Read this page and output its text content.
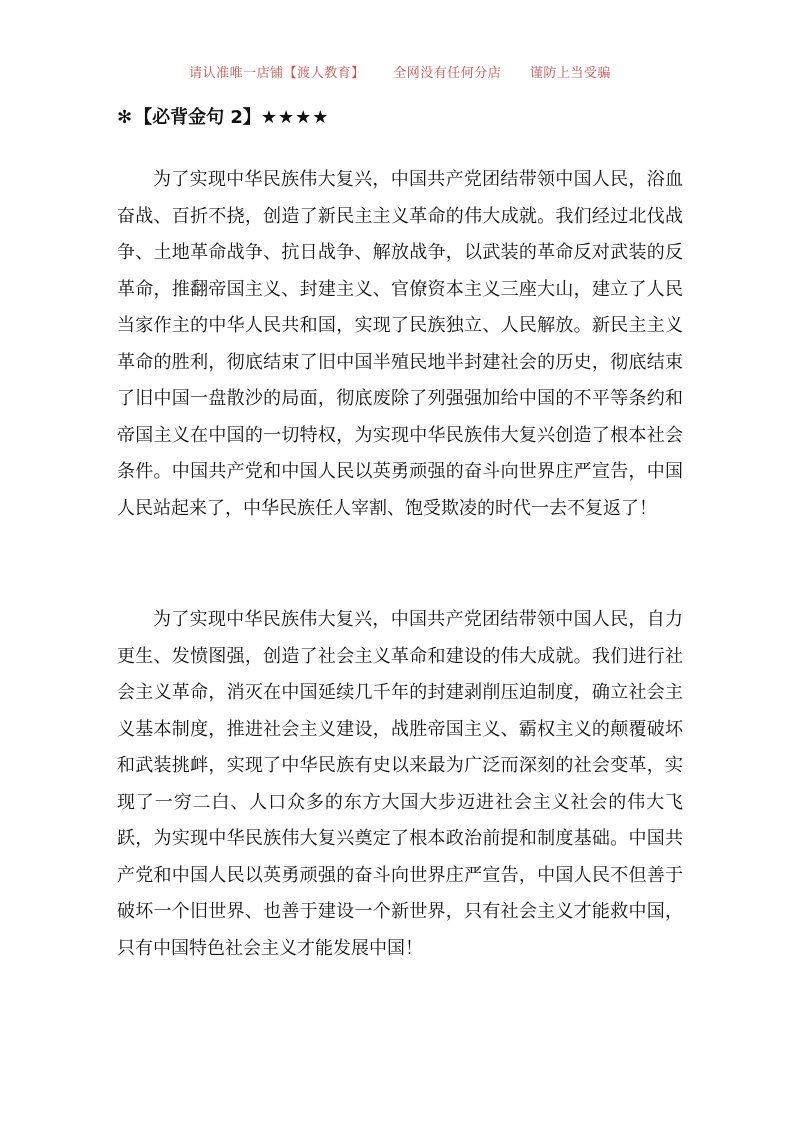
请认准唯一店铺【渡人教育】 全网没有任何分店 谨防上当受骗
✻ 【必背金句 2】★★★★

为了实现中华民族伟大复兴，中国共产党团结带领中国人民，浴血奋战、百折不挠，创造了新民主主义革命的伟大成就。我们经过北伐战争、土地革命战争、抗日战争、解放战争，以武装的革命反对武装的反革命，推翻帝国主义、封建主义、官僚资本主义三座大山，建立了人民当家作主的中华人民共和国，实现了民族独立、人民解放。新民主主义革命的胜利，彻底结束了旧中国半殖民地半封建社会的历史，彻底结束了旧中国一盘散沙的局面，彻底废除了列强强加给中国的不平等条约和帝国主义在中国的一切特权，为实现中华民族伟大复兴创造了根本社会条件。中国共产党和中国人民以英勇顽强的奋斗向世界庄严宣告，中国人民站起来了，中华民族任人宰割、饱受欺凌的时代一去不复返了！

为了实现中华民族伟大复兴，中国共产党团结带领中国人民，自力更生、发愤图强，创造了社会主义革命和建设的伟大成就。我们进行社会主义革命，消灭在中国延续几千年的封建剥削压迫制度，确立社会主义基本制度，推进社会主义建设，战胜帝国主义、霸权主义的颠覆破坏和武装挑衅，实现了中华民族有史以来最为广泛而深刻的社会变革，实现了一穷二白、人口众多的东方大国大步迈进社会主义社会的伟大飞跃，为实现中华民族伟大复兴奠定了根本政治前提和制度基础。中国共产党和中国人民以英勇顽强的奋斗向世界庄严宣告，中国人民不但善于破坏一个旧世界、也善于建设一个新世界，只有社会主义才能救中国，只有中国特色社会主义才能发展中国！
